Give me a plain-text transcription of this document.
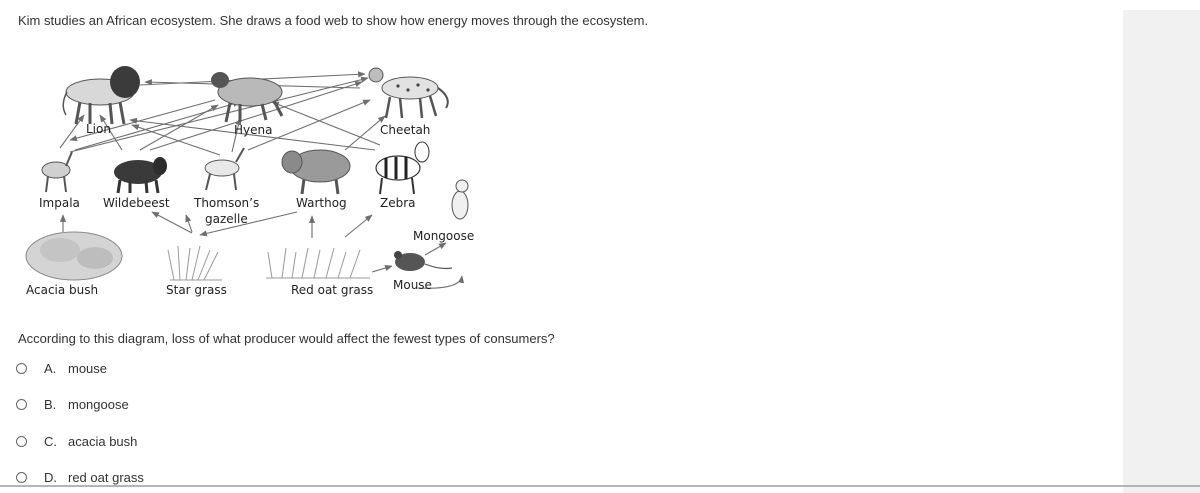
Kim studies an African ecosystem. She draws a food web to show how energy moves through the ecosystem.
Lion	Hyena	Cheetah
Impala Wildebeest Thomson’s
gazelle
Warthog	Zebra
Mongoose
Acacia bush	Star grass	Red oat grass Mouse
According to this diagram, loss of what producer would affect the fewest types of consumers?
A. mouse
B. mongoose
C. acacia bush
D. red oat grass
